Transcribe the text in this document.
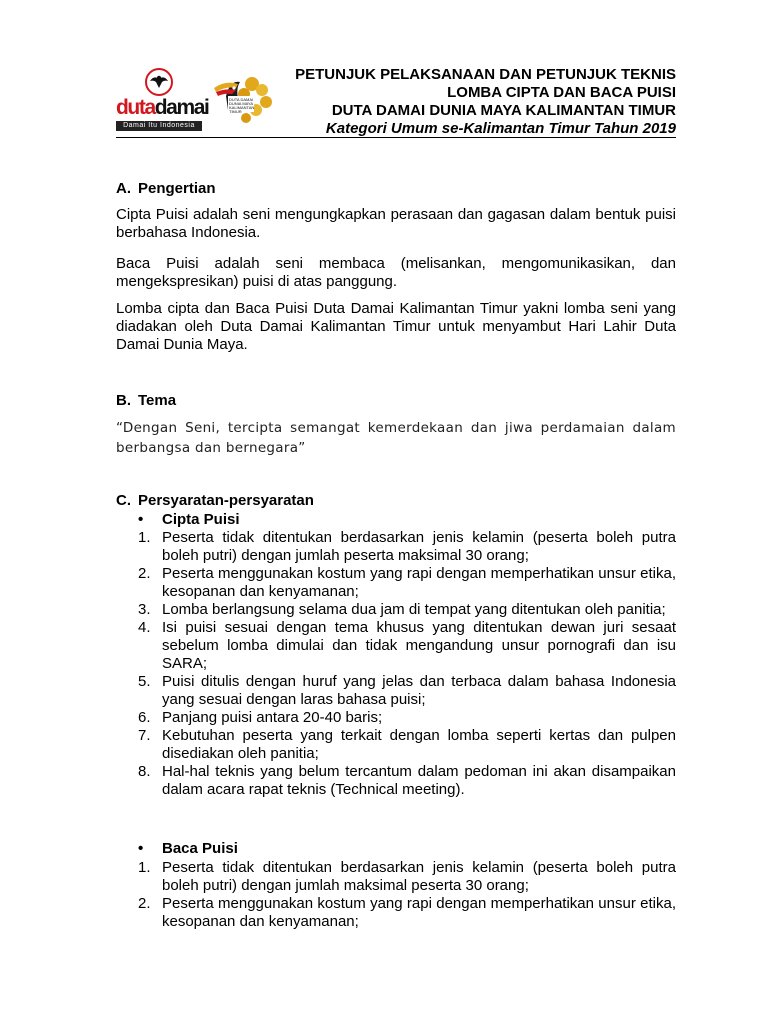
dutadamai
Damai Itu Indonesia
DUTA DAMAI
DUNIA MAYA
KALIMANTAN
TIMUR
PETUNJUK PELAKSANAAN DAN PETUNJUK TEKNIS
LOMBA CIPTA DAN BACA PUISI
DUTA DAMAI DUNIA MAYA KALIMANTAN TIMUR
Kategori Umum se-Kalimantan Timur Tahun 2019
A. Pengertian
Cipta Puisi adalah seni mengungkapkan perasaan dan gagasan dalam bentuk puisi berbahasa Indonesia.
Baca Puisi adalah seni membaca (melisankan, mengomunikasikan, dan mengekspresikan) puisi di atas panggung.
Lomba cipta dan Baca Puisi Duta Damai Kalimantan Timur yakni lomba seni yang diadakan oleh Duta Damai Kalimantan Timur untuk menyambut Hari Lahir Duta Damai Dunia Maya.
B. Tema
“Dengan Seni, tercipta semangat kemerdekaan dan jiwa perdamaian dalam berbangsa dan bernegara”
C. Persyaratan-persyaratan
• Cipta Puisi
1. Peserta tidak ditentukan berdasarkan jenis kelamin (peserta boleh putra boleh putri) dengan jumlah peserta maksimal 30 orang;
2. Peserta menggunakan kostum yang rapi dengan memperhatikan unsur etika, kesopanan dan kenyamanan;
3. Lomba berlangsung selama dua jam di tempat yang ditentukan oleh panitia;
4. Isi puisi sesuai dengan tema khusus yang ditentukan dewan juri sesaat sebelum lomba dimulai dan tidak mengandung unsur pornografi dan isu SARA;
5. Puisi ditulis dengan huruf yang jelas dan terbaca dalam bahasa Indonesia yang sesuai dengan laras bahasa puisi;
6. Panjang puisi antara 20-40 baris;
7. Kebutuhan peserta yang terkait dengan lomba seperti kertas dan pulpen disediakan oleh panitia;
8. Hal-hal teknis yang belum tercantum dalam pedoman ini akan disampaikan dalam acara rapat teknis (Technical meeting).
• Baca Puisi
1. Peserta tidak ditentukan berdasarkan jenis kelamin (peserta boleh putra boleh putri) dengan jumlah maksimal peserta 30 orang;
2. Peserta menggunakan kostum yang rapi dengan memperhatikan unsur etika, kesopanan dan kenyamanan;
